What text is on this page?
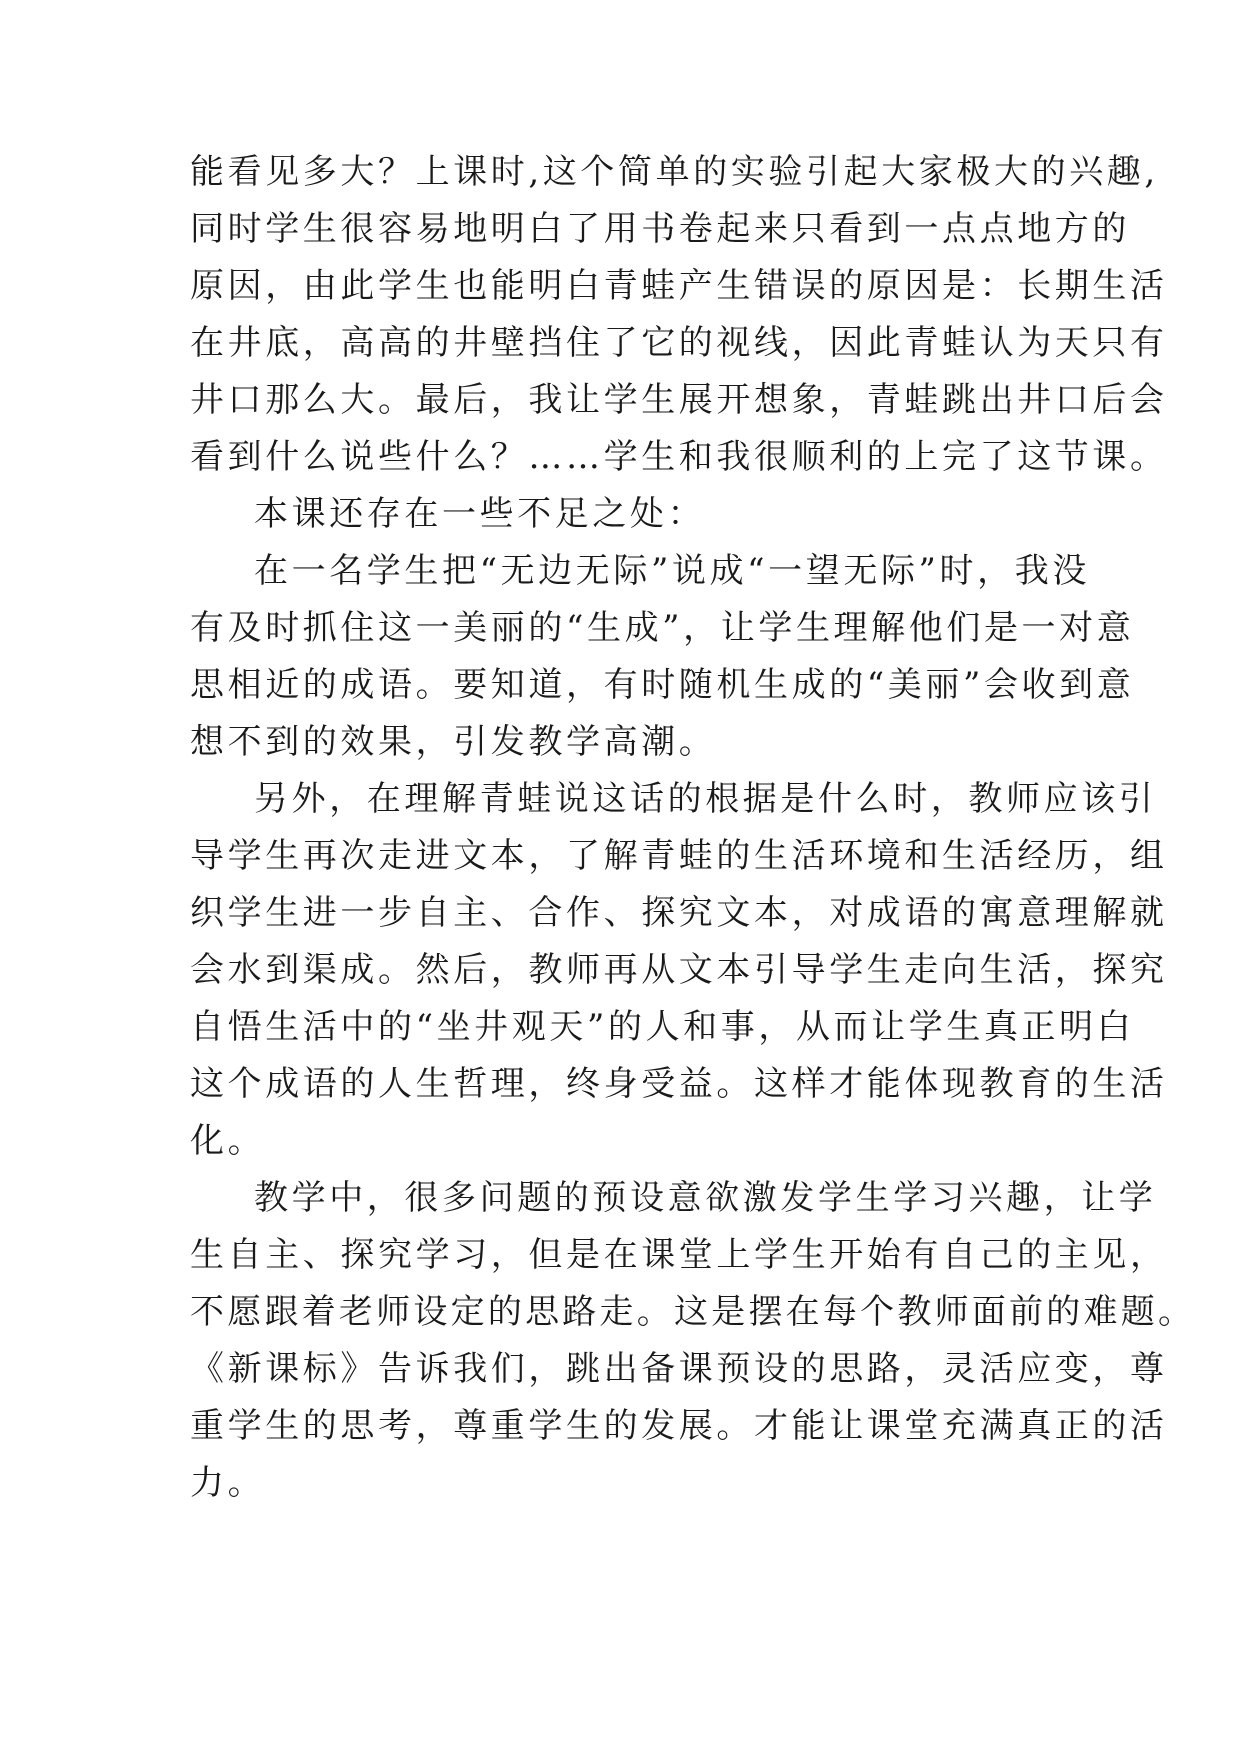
能看见多大？上课时,这个简单的实验引起大家极大的兴趣,

同时学生很容易地明白了用书卷起来只看到一点点地方的

原因，由此学生也能明白青蛙产生错误的原因是：长期生活

在井底，高高的井壁挡住了它的视线，因此青蛙认为天只有

井口那么大。最后，我让学生展开想象，青蛙跳出井口后会

看到什么说些什么？……学生和我很顺利的上完了这节课。

本课还存在一些不足之处：

在一名学生把“无边无际”说成“一望无际”时，我没

有及时抓住这一美丽的“生成”，让学生理解他们是一对意

思相近的成语。要知道，有时随机生成的“美丽”会收到意

想不到的效果，引发教学高潮。

另外，在理解青蛙说这话的根据是什么时，教师应该引

导学生再次走进文本，了解青蛙的生活环境和生活经历，组

织学生进一步自主、合作、探究文本，对成语的寓意理解就

会水到渠成。然后，教师再从文本引导学生走向生活，探究

自悟生活中的“坐井观天”的人和事，从而让学生真正明白

这个成语的人生哲理，终身受益。这样才能体现教育的生活

化。

教学中，很多问题的预设意欲激发学生学习兴趣，让学

生自主、探究学习，但是在课堂上学生开始有自己的主见，

不愿跟着老师设定的思路走。这是摆在每个教师面前的难题。

《新课标》告诉我们，跳出备课预设的思路，灵活应变，尊

重学生的思考，尊重学生的发展。才能让课堂充满真正的活

力。
